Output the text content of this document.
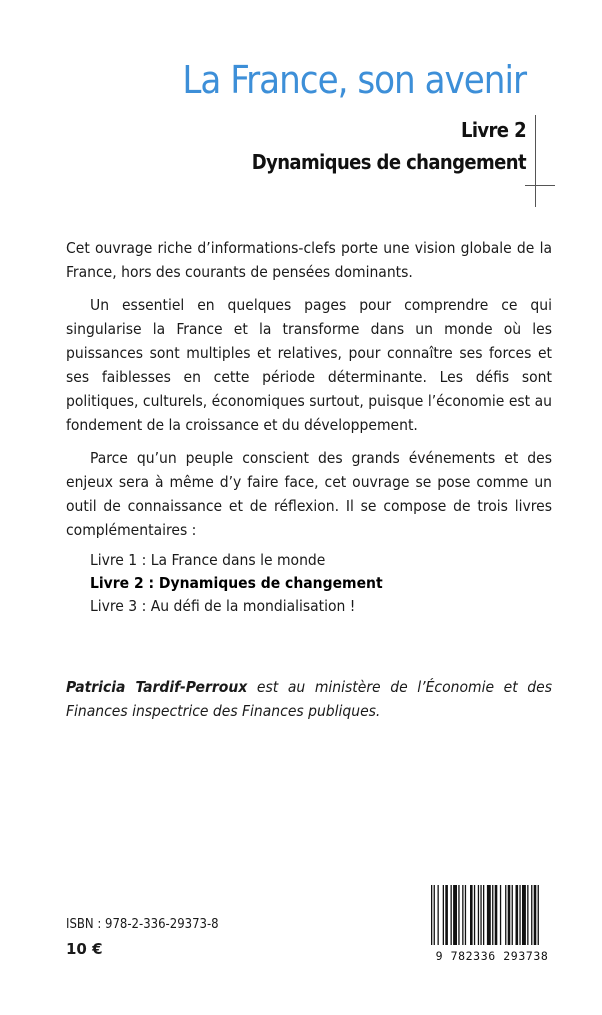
La France, son avenir
Livre 2
Dynamiques de changement

Cet ouvrage riche d’informations-clefs porte une vision globale de la France, hors des courants de pensées dominants.

Un essentiel en quelques pages pour comprendre ce qui singularise la France et la transforme dans un monde où les puissances sont multiples et relatives, pour connaître ses forces et ses faiblesses en cette période déterminante. Les défis sont politiques, culturels, économiques surtout, puisque l’économie est au fondement de la croissance et du développement.

Parce qu’un peuple conscient des grands événements et des enjeux sera à même d’y faire face, cet ouvrage se pose comme un outil de connaissance et de réflexion. Il se compose de trois livres complémentaires :

Livre 1 : La France dans le monde
Livre 2 : Dynamiques de changement
Livre 3 : Au défi de la mondialisation !
Patricia Tardif-Perroux est au ministère de l’Économie et des Finances inspectrice des Finances publiques.
ISBN : 978-2-336-29373-8
10 €	9 782336 293738
